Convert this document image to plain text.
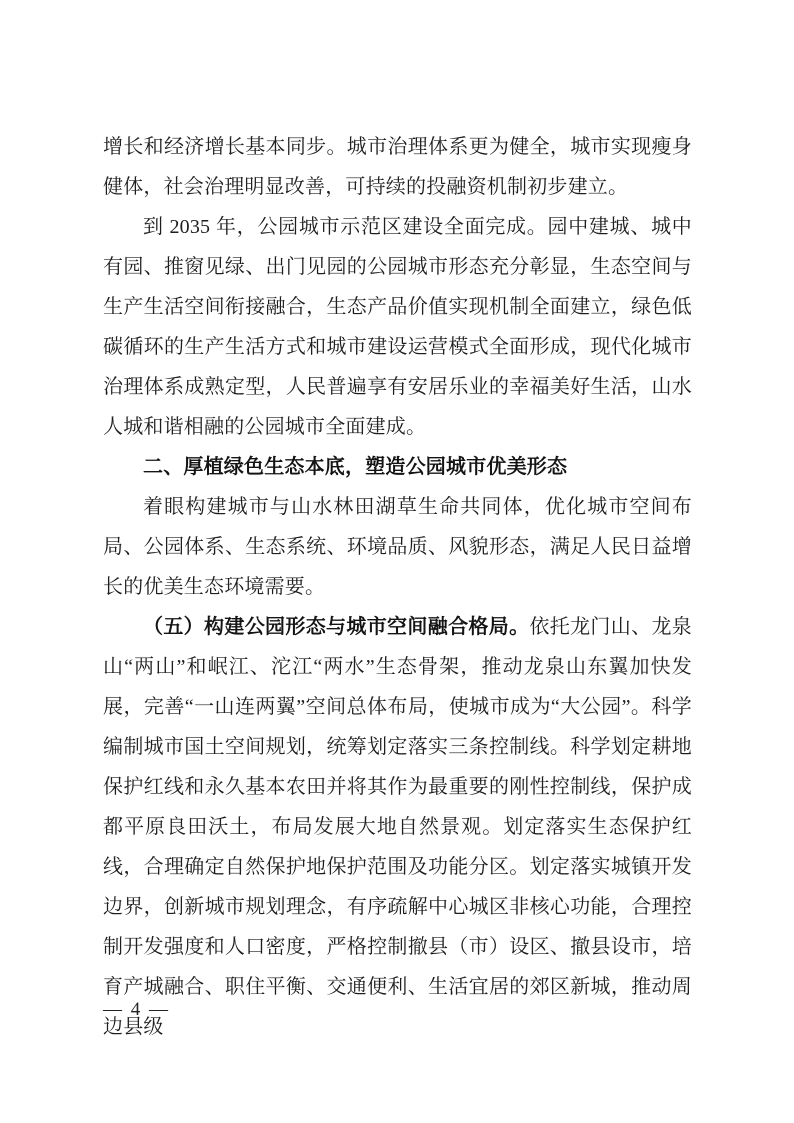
增长和经济增长基本同步。城市治理体系更为健全，城市实现瘦身健体，社会治理明显改善，可持续的投融资机制初步建立。

到 2035 年，公园城市示范区建设全面完成。园中建城、城中有园、推窗见绿、出门见园的公园城市形态充分彰显，生态空间与生产生活空间衔接融合，生态产品价值实现机制全面建立，绿色低碳循环的生产生活方式和城市建设运营模式全面形成，现代化城市治理体系成熟定型，人民普遍享有安居乐业的幸福美好生活，山水人城和谐相融的公园城市全面建成。

二、厚植绿色生态本底，塑造公园城市优美形态

着眼构建城市与山水林田湖草生命共同体，优化城市空间布局、公园体系、生态系统、环境品质、风貌形态，满足人民日益增长的优美生态环境需要。

（五）构建公园形态与城市空间融合格局。依托龙门山、龙泉山“两山”和岷江、沱江“两水”生态骨架，推动龙泉山东翼加快发展，完善“一山连两翼”空间总体布局，使城市成为“大公园”。科学编制城市国土空间规划，统筹划定落实三条控制线。科学划定耕地保护红线和永久基本农田并将其作为最重要的刚性控制线，保护成都平原良田沃土，布局发展大地自然景观。划定落实生态保护红线，合理确定自然保护地保护范围及功能分区。划定落实城镇开发边界，创新城市规划理念，有序疏解中心城区非核心功能，合理控制开发强度和人口密度，严格控制撤县（市）设区、撤县设市，培育产城融合、职住平衡、交通便利、生活宜居的郊区新城，推动周边县级

— 4 —
